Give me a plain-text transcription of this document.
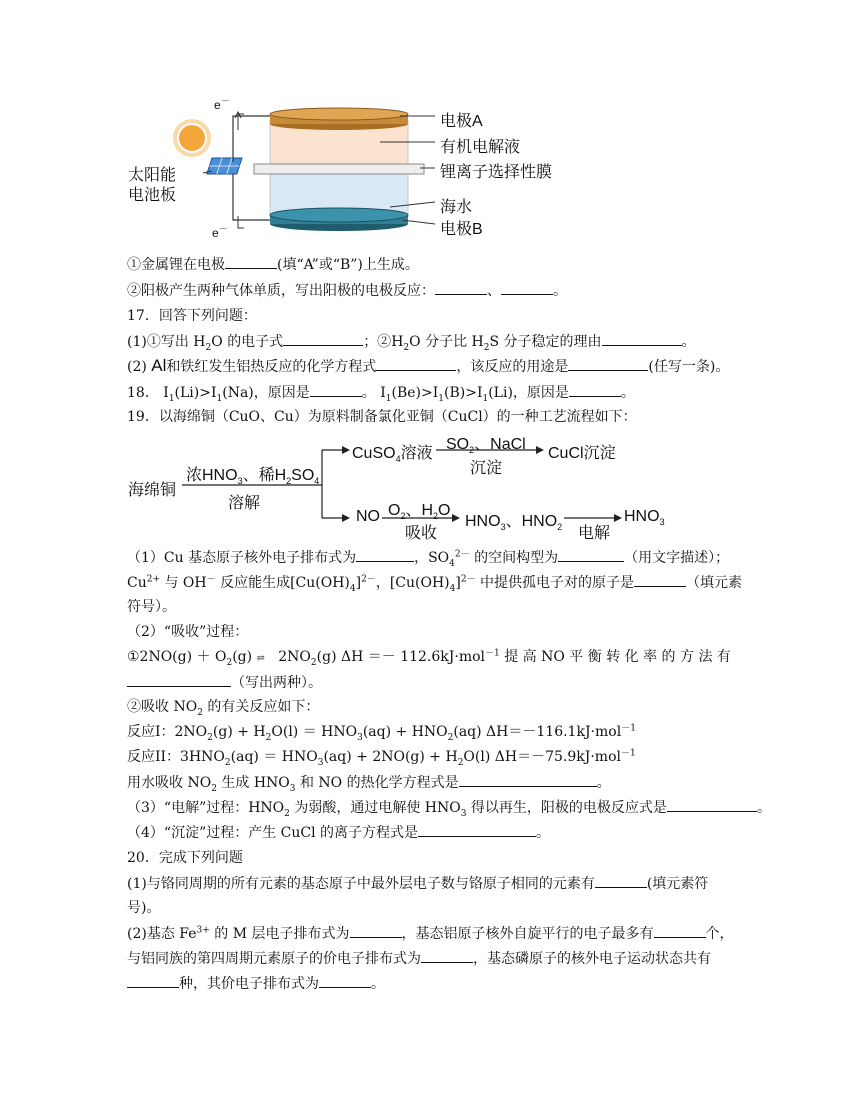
e－
e－
太阳能
电池板
电极A
有机电解液
锂离子选择性膜
海水
电极B
①金属锂在电极	(填“A”或“B”)上生成。
②阳极产生两种气体单质，写出阳极的电极反应：	、	。
17．回答下列问题：
(1)①写出 $H_2O$ 的电子式	；$②H_2O$ 分子比 $H_2S$ 分子稳定的理由	。
(2) Al和铁红发生铝热反应的化学方程式	，该反应的用途是	(任写一条)。
18． $I_1(Li)>I_1(Na)$，原因是	。 $I_1(Be)>I_1(B)>I_1(Li)$，原因是	。
19．以海绵铜（CuO、Cu）为原料制备氯化亚铜（CuCl）的一种工艺流程如下：
海绵铜
浓$HNO_3$、稀$H_2SO_4$
溶解
CuSO$_4$溶液
$SO_2$、NaCl
沉淀
CuCl沉淀
NO $O_2$、$H_2O$
吸收
$HNO_3$、$HNO_2$ 电解
$HNO_3$
（1）Cu 基态原子核外电子排布式为	，$SO_4^{2-}$ 的空间构型为	（用文字描述）；
$Cu^{2+}$ 与 OH－ 反应能生成$[Cu(OH)_4]^{2-}$，$[Cu(OH)_4]^{2-}$ 中提供孤电子对的原子是	（填元素
符号）。
（2）“吸收”过程：
①2NO(g) ＋ $O_2(g)$ ⇌   $2NO_2(g) \Delta H =- 112.6kJ\cdot mol^{-1}$ 提 高 NO 平 衡 转 化 率 的 方 法 有
（写出两种）。
②吸收 $NO_2$ 的有关反应如下：
反应I：$2NO_2(g) + H_2O(l) = HNO_3(aq) + HNO_2(aq)$ ΔH＝－116.1kJ·mol$^{-1}$
反应II：$3HNO_2(aq) = HNO_3(aq) + 2NO(g) + H_2O(l)$ ΔH＝－75.9kJ·mol$^{-1}$
用水吸收 $NO_2$ 生成 $HNO_3$ 和 NO 的热化学方程式是	。
（3）“电解”过程：$HNO_2$ 为弱酸，通过电解使 $HNO_3$ 得以再生，阳极的电极反应式是	。
（4）“沉淀”过程：产生 CuCl 的离子方程式是	。
20．完成下列问题
(1)与铬同周期的所有元素的基态原子中最外层电子数与铬原子相同的元素有	(填元素符
号)。
(2)基态 $Fe^{3+}$ 的 M 层电子排布式为	，基态铝原子核外自旋平行的电子最多有	个，
与铝同族的第四周期元素原子的价电子排布式为	，基态磷原子的核外电子运动状态共有
种，其价电子排布式为	。
